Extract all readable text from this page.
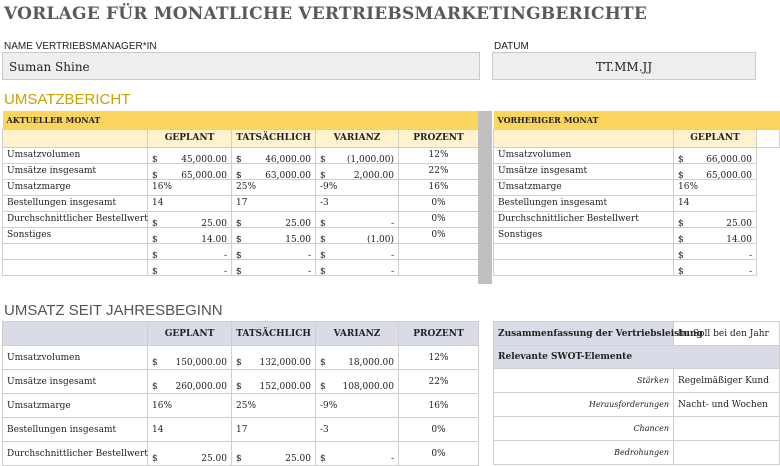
VORLAGE FÜR MONATLICHE VERTRIEBSMARKETINGBERICHTE
NAME VERTRIEBSMANAGER*IN
Suman Shine
DATUM
TT.MM.JJ
UMSATZBERICHT
AKTUELLER MONAT				
	GEPLANT	TATSÄCHLICH	VARIANZ	PROZENT
Umsatzvolumen	$ 45,000.00	$ 46,000.00	$ (1,000.00)	12%
Umsätze insgesamt	$ 65,000.00	$ 63,000.00	$ 2,000.00	22%
Umsatzmarge	16%	25%	-9%	16%
Bestellungen insgesamt	14	17	-3	0%
Durchschnittlicher Bestellwert	$ 25.00	$ 25.00	$ -	0%
Sonstiges	$ 14.00	$ 15.00	$ (1.00)	0%

	$ -	$ -	$ -	

	$ -	$ -	$ -	

VORHERIGER MONAT		
	GEPLANT	
Umsatzvolumen	$ 66,000.00	

Umsätze insgesamt	$ 65,000.00	

Umsatzmarge	16%	
Bestellungen insgesamt	14	
Durchschnittlicher Bestellwert	$ 25.00	

Sonstiges	$ 14.00	

	$ -	

	$ -	

UMSATZ SEIT JAHRESBEGINN
	GEPLANT	TATSÄCHLICH	VARIANZ	PROZENT
Umsatzvolumen	$ 150,000.00	$ 132,000.00	$ 18,000.00	12%
Umsätze insgesamt	$ 260,000.00	$ 152,000.00	$ 108,000.00	22%
Umsatzmarge	16%	25%	-9%	16%
Bestellungen insgesamt	14	17	-3	0%
Durchschnittlicher Bestellwert	$ 25.00	$ 25.00	$ -	0%
Zusammenfassung der Vertriebsleistung	Im Soll bei den Jahr
Relevante SWOT-Elemente	
Stärken	Regelmäßiger Kund
Herausforderungen	Nacht- und Wochen
Chancen	
Bedrohungen	
